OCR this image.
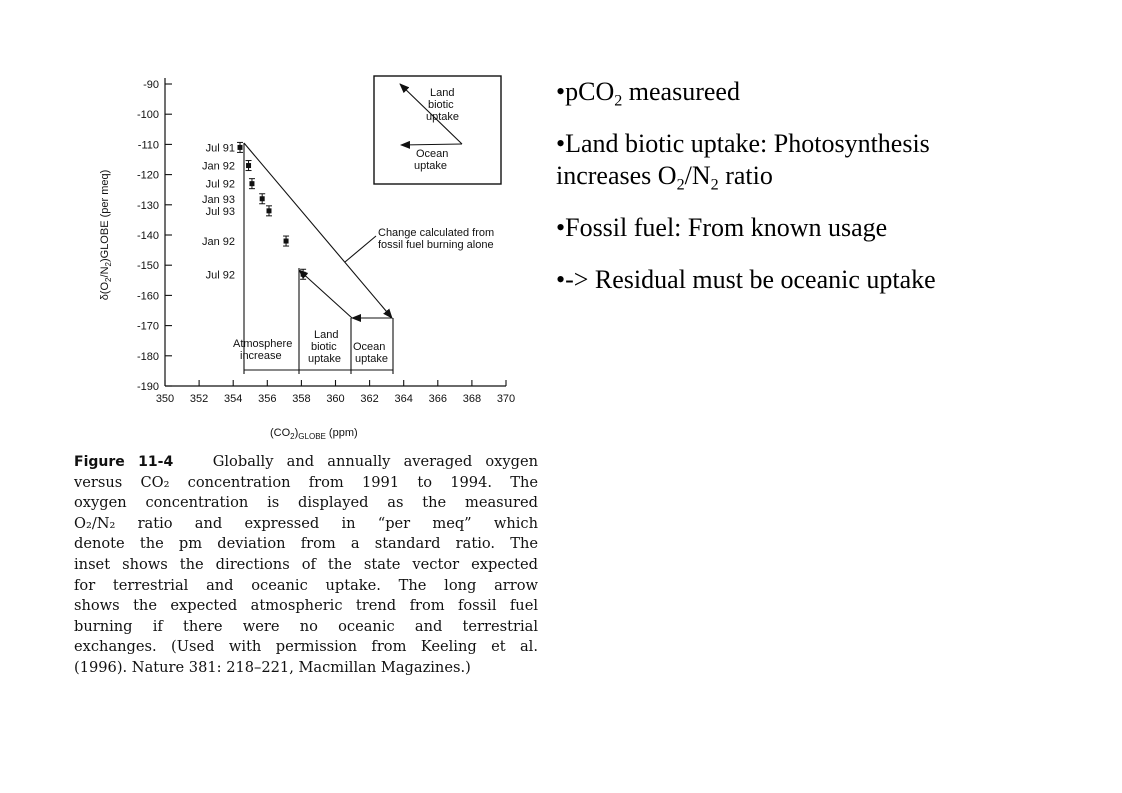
-90
-100
-110
-120
-130
-140
-150
-160
-170
-180
-190
350 352 354 356 358 360 362 364 366 368 370
$\delta(O_2/N_2)GLOBE$ (per meq)
$(CO_2)_{GLOBE}$ (ppm)
Jul 91
Jan 92
Jul 92
Jan 93
Jul 93
Jan 92
Jul 92
Change calculated from
fossil fuel burning alone
Atmosphere
increase
Land
biotic
uptake
Ocean
uptake
Land
biotic
uptake
Ocean
uptake
Figure 11-4	Globally and annually averaged oxygen
versus CO₂ concentration from 1991 to 1994. The
oxygen concentration is displayed as the measured
O₂/N₂ ratio and expressed in “per meq” which
denote the pm deviation from a standard ratio. The
inset shows the directions of the state vector expected
for terrestrial and oceanic uptake. The long arrow
shows the expected atmospheric trend from fossil fuel
burning if there were no oceanic and terrestrial
exchanges. (Used with permission from Keeling et al.
(1996). Nature 381: 218–221, Macmillan Magazines.)
•pCO$_2$ measureed
•Land biotic uptake: Photosynthesis
increases $O_2/N_2$ ratio
•Fossil fuel: From known usage
•-> Residual must be oceanic uptake
